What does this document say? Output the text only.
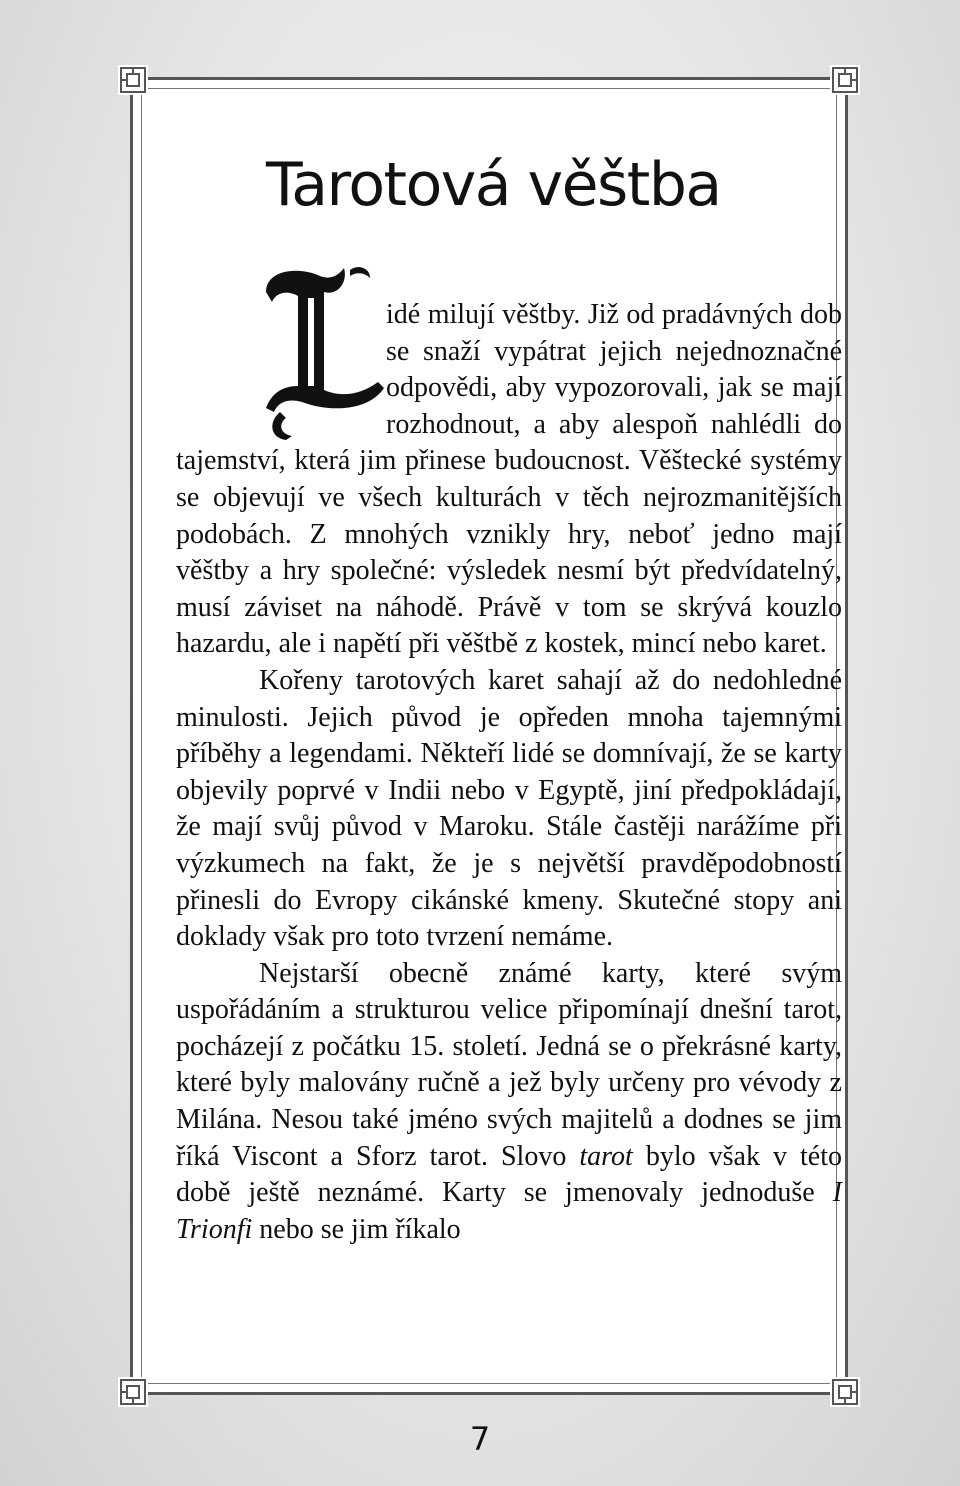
Tarotová věštba

idé milují věštby. Již od pradávných dob se snaží vypátrat jejich nejednoznačné odpovědi, aby vypozorovali, jak se mají rozhodnout, a aby alespoň nahlédli do tajemství, která jim přinese budoucnost. Věštecké systémy se objevují ve všech kulturách v těch nejrozmanitějších podobách. Z mnohých vznikly hry, neboť jedno mají věštby a hry společné: výsledek nesmí být předvídatelný, musí záviset na náhodě. Právě v tom se skrývá kouzlo hazardu, ale i napětí při věštbě z kostek, mincí nebo karet.

Kořeny tarotových karet sahají až do nedohledné minulosti. Jejich původ je opředen mnoha tajemnými příběhy a legendami. Někteří lidé se domnívají, že se karty objevily poprvé v Indii nebo v Egyptě, jiní předpokládají, že mají svůj původ v Maroku. Stále častěji narážíme při výzkumech na fakt, že je s největší pravděpodobností přinesli do Evropy cikánské kmeny. Skutečné stopy ani doklady však pro toto tvrzení nemáme.

Nejstarší obecně známé karty, které svým uspořádáním a strukturou velice připomínají dnešní tarot, pocházejí z počátku 15. století. Jedná se o překrásné karty, které byly malovány ručně a jež byly určeny pro vévody z Milána. Nesou také jméno svých majitelů a dodnes se jim říká Viscont a Sforz tarot. Slovo tarot bylo však v této době ještě neznámé. Karty se jmenovaly jednoduše I Trionfi nebo se jim říkalo

7
